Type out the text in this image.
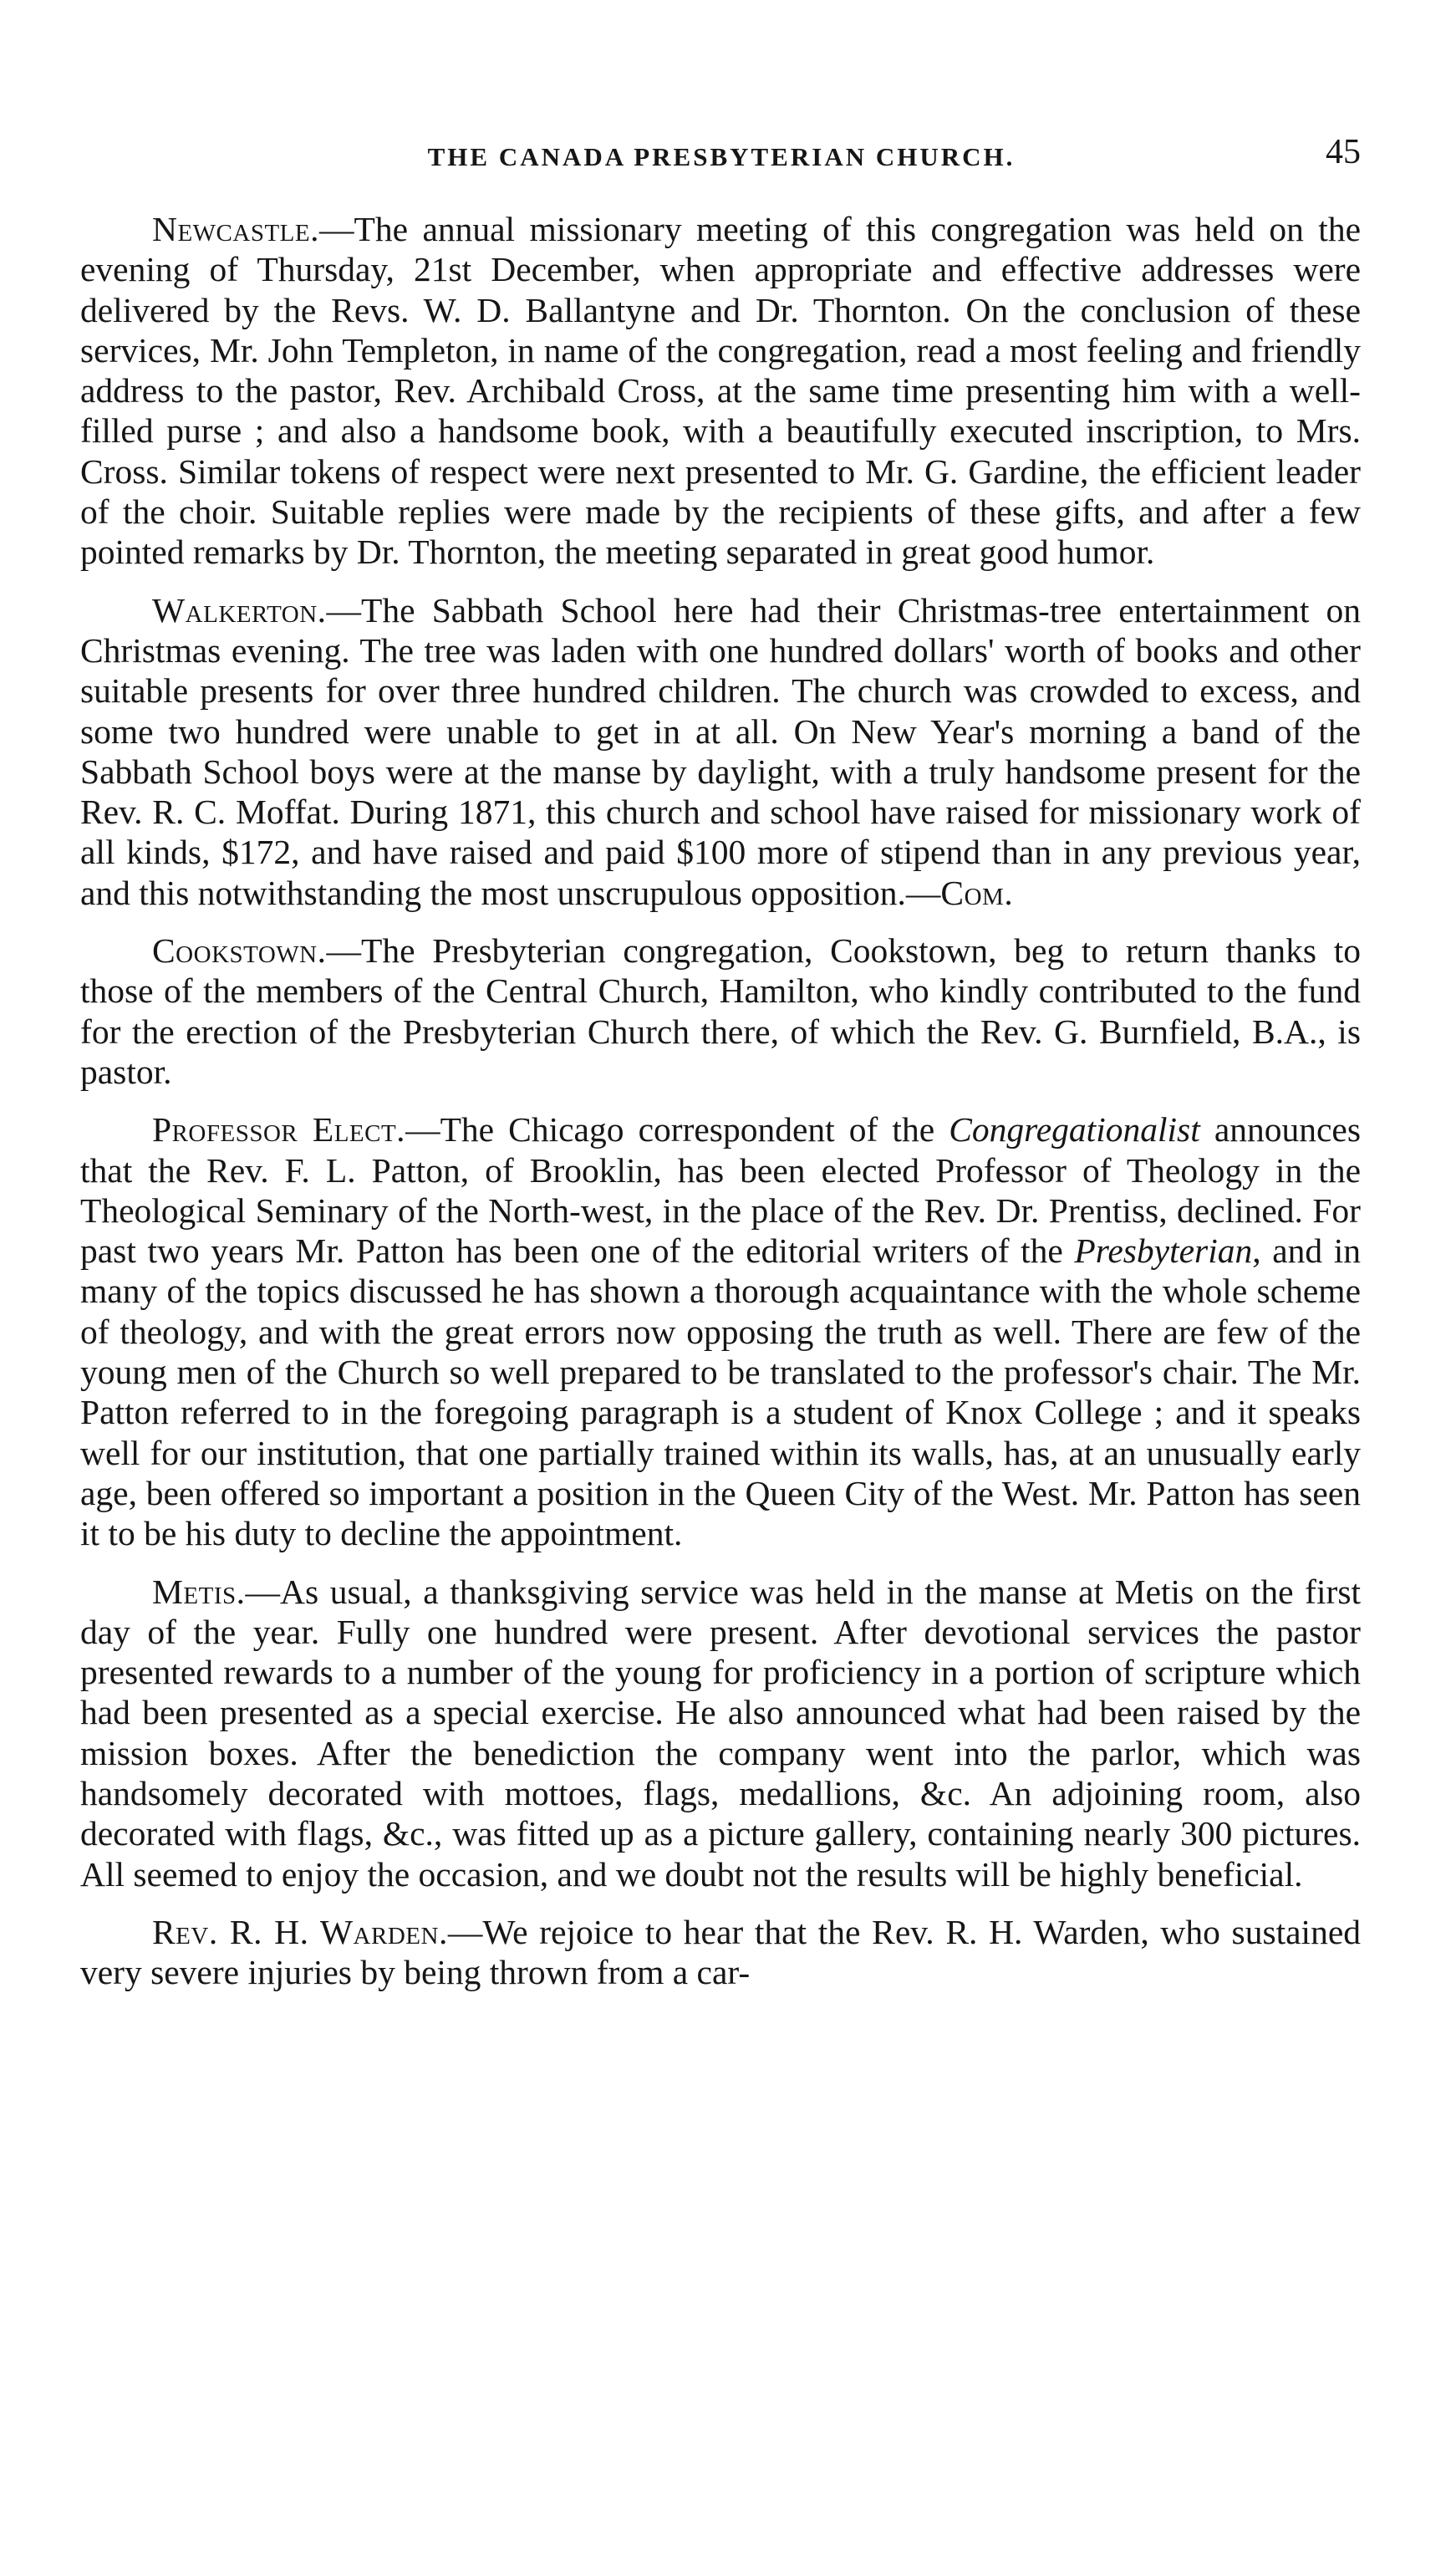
THE CANADA PRESBYTERIAN CHURCH.	45

Newcastle.—The annual missionary meeting of this congregation was held on the evening of Thursday, 21st December, when appropriate and effective addresses were delivered by the Revs. W. D. Ballantyne and Dr. Thornton. On the conclusion of these services, Mr. John Templeton, in name of the congregation, read a most feeling and friendly address to the pastor, Rev. Archibald Cross, at the same time presenting him with a well-filled purse ; and also a handsome book, with a beautifully executed inscription, to Mrs. Cross. Similar tokens of respect were next presented to Mr. G. Gardine, the efficient leader of the choir. Suitable replies were made by the recipients of these gifts, and after a few pointed remarks by Dr. Thornton, the meeting separated in great good humor.

Walkerton.—The Sabbath School here had their Christmas-tree entertainment on Christmas evening. The tree was laden with one hundred dollars' worth of books and other suitable presents for over three hundred children. The church was crowded to excess, and some two hundred were unable to get in at all. On New Year's morning a band of the Sabbath School boys were at the manse by daylight, with a truly handsome present for the Rev. R. C. Moffat. During 1871, this church and school have raised for missionary work of all kinds, $172, and have raised and paid $100 more of stipend than in any previous year, and this notwithstanding the most unscrupulous opposition.—Com.

Cookstown.—The Presbyterian congregation, Cookstown, beg to return thanks to those of the members of the Central Church, Hamilton, who kindly contributed to the fund for the erection of the Presbyterian Church there, of which the Rev. G. Burnfield, B.A., is pastor.

Professor Elect.—The Chicago correspondent of the Congregationalist announces that the Rev. F. L. Patton, of Brooklin, has been elected Professor of Theology in the Theological Seminary of the North-west, in the place of the Rev. Dr. Prentiss, declined. For past two years Mr. Patton has been one of the editorial writers of the Presbyterian, and in many of the topics discussed he has shown a thorough acquaintance with the whole scheme of theology, and with the great errors now opposing the truth as well. There are few of the young men of the Church so well prepared to be translated to the professor's chair. The Mr. Patton referred to in the foregoing paragraph is a student of Knox College ; and it speaks well for our institution, that one partially trained within its walls, has, at an unusually early age, been offered so important a position in the Queen City of the West. Mr. Patton has seen it to be his duty to decline the appointment.

Metis.—As usual, a thanksgiving service was held in the manse at Metis on the first day of the year. Fully one hundred were present. After devotional services the pastor presented rewards to a number of the young for proficiency in a portion of scripture which had been presented as a special exercise. He also announced what had been raised by the mission boxes. After the benediction the company went into the parlor, which was handsomely decorated with mottoes, flags, medallions, &c. An adjoining room, also decorated with flags, &c., was fitted up as a picture gallery, containing nearly 300 pictures. All seemed to enjoy the occasion, and we doubt not the results will be highly beneficial.

Rev. R. H. Warden.—We rejoice to hear that the Rev. R. H. Warden, who sustained very severe injuries by being thrown from a car-
